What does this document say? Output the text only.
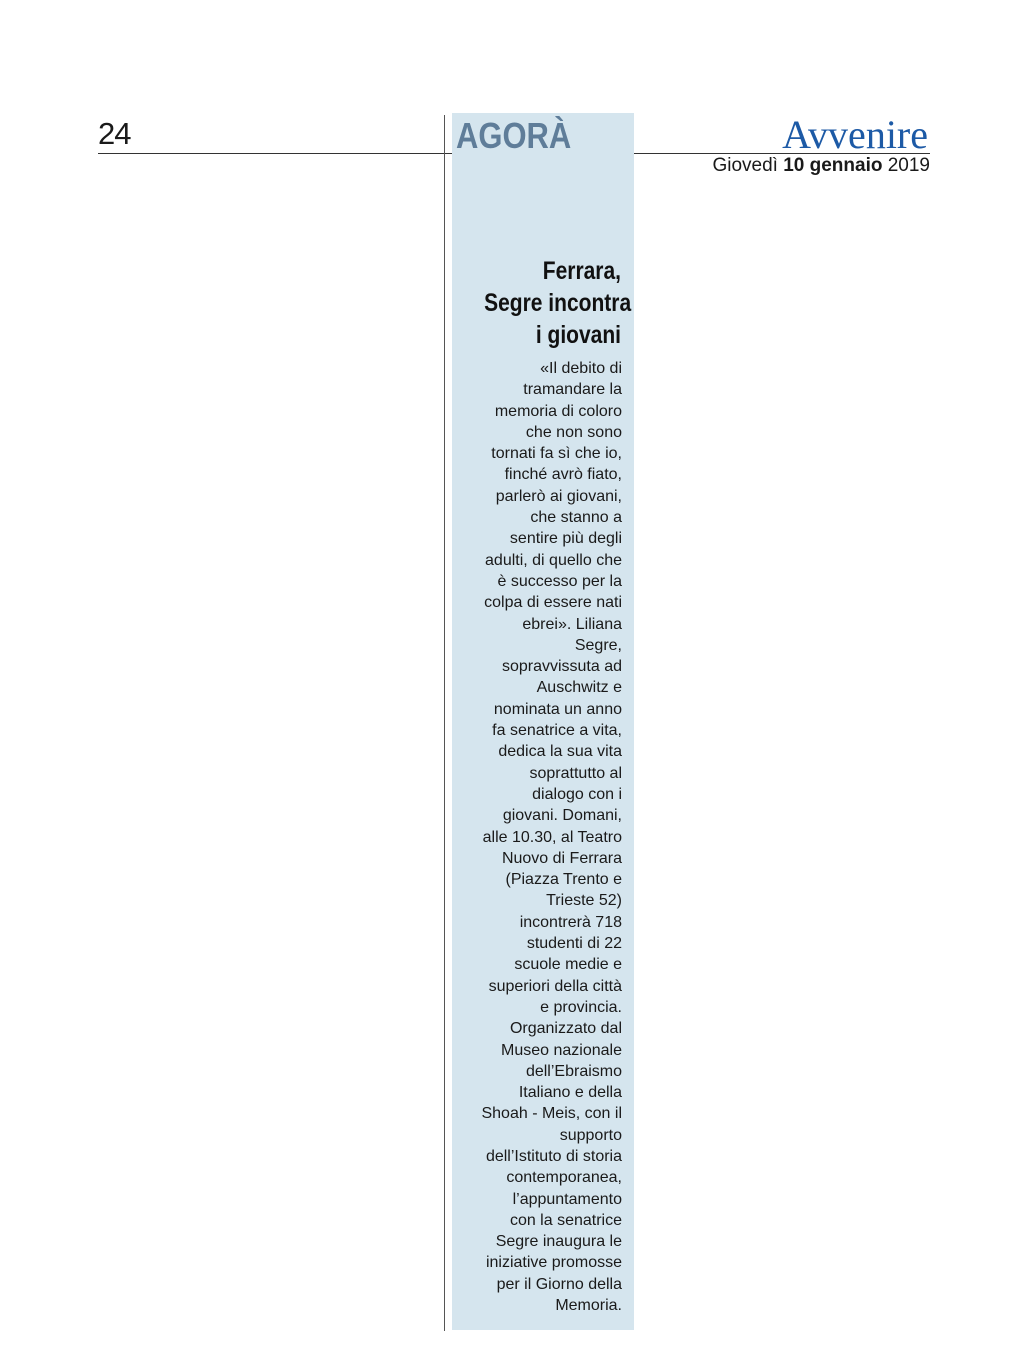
24	AGORÀ	Avvenire
Giovedì 10 gennaio 2019
Ferrara,
Segre incontra
i giovani
«Il debito di
tramandare la
memoria di coloro
che non sono
tornati fa sì che io,
finché avrò fiato,
parlerò ai giovani,
che stanno a
sentire più degli
adulti, di quello che
è successo per la
colpa di essere nati
ebrei». Liliana
Segre,
sopravvissuta ad
Auschwitz e
nominata un anno
fa senatrice a vita,
dedica la sua vita
soprattutto al
dialogo con i
giovani. Domani,
alle 10.30, al Teatro
Nuovo di Ferrara
(Piazza Trento e
Trieste 52)
incontrerà 718
studenti di 22
scuole medie e
superiori della città
e provincia.
Organizzato dal
Museo nazionale
dell’Ebraismo
Italiano e della
Shoah - Meis, con il
supporto
dell’Istituto di storia
contemporanea,
l’appuntamento
con la senatrice
Segre inaugura le
iniziative promosse
per il Giorno della
Memoria.
